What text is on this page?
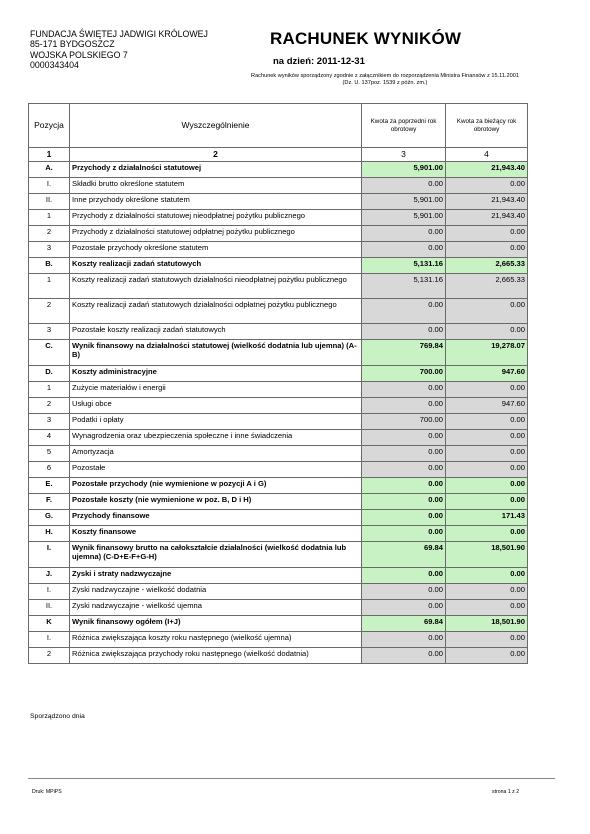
FUNDACJA ŚWIĘTEJ JADWIGI KRÓLOWEJ
85-171 BYDGOSZCZ
WOJSKA POLSKIEGO 7
0000343404
RACHUNEK WYNIKÓW
na dzień: 2011-12-31
Rachunek wyników sporządzony zgodnie z załącznikiem do rozporządzenia Ministra Finansów z 15.11.2001 (Dz. U. 137poz. 1539 z późn. zm.)
Pozycja	Wyszczególnienie	Kwota za poprzedni rok obrotowy	Kwota za bieżący rok obrotowy
1	2	3	4
A.	Przychody z działalności statutowej	5,901.00	21,943.40
I.	Składki brutto określone statutem	0.00	0.00
II.	Inne przychody określone statutem	5,901.00	21,943.40
1	Przychody z działalności statutowej nieodpłatnej pożytku publicznego	5,901.00	21,943.40
2	Przychody z działalności statutowej odpłatnej pożytku publicznego	0.00	0.00
3	Pozostałe przychody określone statutem	0.00	0.00
B.	Koszty realizacji zadań statutowych	5,131.16	2,665.33
1	Koszty realizacji zadań statutowych działalności nieodpłatnej pożytku publicznego	5,131.16	2,665.33
2	Koszty realizacji zadań statutowych działalności odpłatnej pożytku publicznego	0.00	0.00
3	Pozostałe koszty realizacji zadań statutowych	0.00	0.00
C.	Wynik finansowy na działalności statutowej (wielkość dodatnia lub ujemna) (A-B)	769.84	19,278.07
D.	Koszty administracyjne	700.00	947.60
1	Zużycie materiałów i energii	0.00	0.00
2	Usługi obce	0.00	947.60
3	Podatki i opłaty	700.00	0.00
4	Wynagrodzenia oraz ubezpieczenia społeczne i inne świadczenia	0.00	0.00
5	Amortyzacja	0.00	0.00
6	Pozostałe	0.00	0.00
E.	Pozostałe przychody (nie wymienione w pozycji A i G)	0.00	0.00
F.	Pozostałe koszty (nie wymienione w poz. B, D i H)	0.00	0.00
G.	Przychody finansowe	0.00	171.43
H.	Koszty finansowe	0.00	0.00
I.	Wynik finansowy brutto na całokształcie działalności (wielkość dodatnia lub ujemna) (C-D+E-F+G-H)	69.84	18,501.90
J.	Zyski i straty nadzwyczajne	0.00	0.00
I.	Zyski nadzwyczajne - wielkość dodatnia	0.00	0.00
II.	Zyski nadzwyczajne - wielkość ujemna	0.00	0.00
K	Wynik finansowy ogółem (I+J)	69.84	18,501.90
I.	Różnica zwiększająca koszty roku następnego (wielkość ujemna)	0.00	0.00
2	Różnica zwiększająca przychody roku następnego (wielkość dodatnia)	0.00	0.00
Sporządzono dnia
Druk: MPiPS	strona 1 z 2
